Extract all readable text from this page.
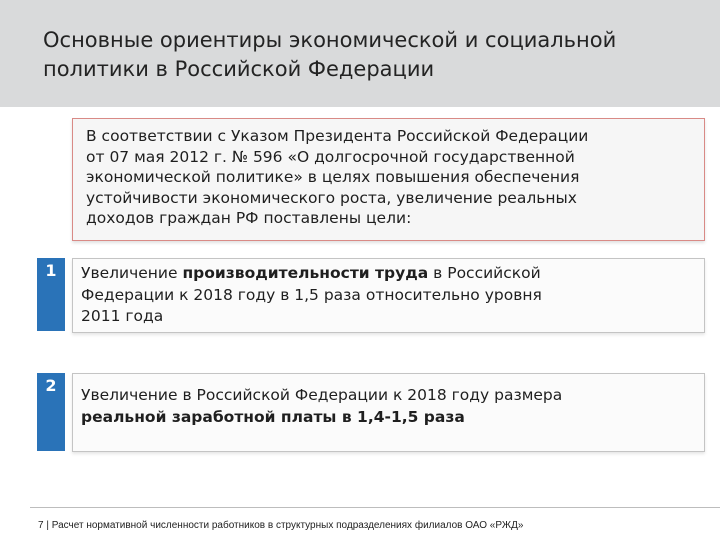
Основные ориентиры экономической и социальной
политики в Российской Федерации
В соответствии с Указом Президента Российской Федерации
от 07 мая 2012 г. № 596 «О долгосрочной государственной
экономической политике» в целях повышения обеспечения
устойчивости экономического роста, увеличение реальных
доходов граждан РФ поставлены цели:
1	Увеличение производительности труда в Российской
Федерации к 2018 году в 1,5 раза относительно уровня
2011 года
2	Увеличение в Российской Федерации к 2018 году размера
реальной заработной платы в 1,4-1,5 раза
7 | Расчет нормативной численности работников в структурных подразделениях филиалов ОАО «РЖД»
